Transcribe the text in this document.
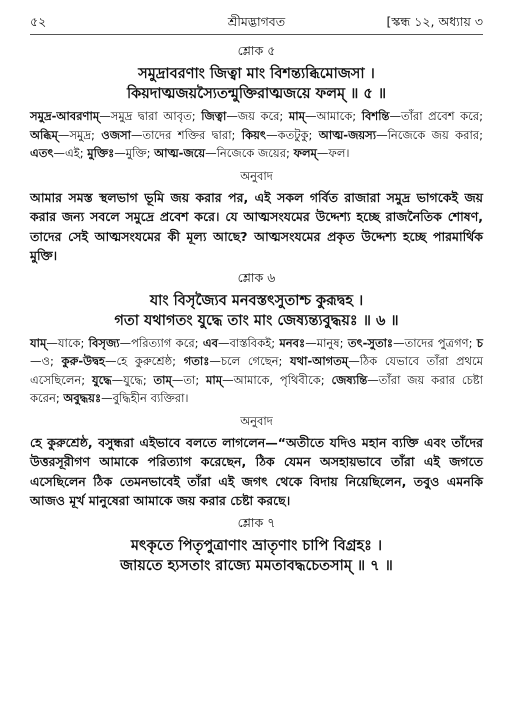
৫২	শ্রীমদ্ভাগবত	[স্কন্ধ ১২, অধ্যায় ৩
শ্লোক ৫
সমুদ্রাবরণাং জিত্বা মাং বিশন্ত্যব্ধিমোজসা ।
কিয়দাত্মজয়স্যৈতন্মুক্তিরাত্মজয়ে ফলম্‌ ॥ ৫ ॥
সমুদ্র-আবরণাম্‌—সমুদ্র দ্বারা আবৃত; জিত্বা—জয় করে; মাম্‌—আমাকে; বিশন্তি—তাঁরা প্রবেশ করে; অব্ধিম্‌—সমুদ্র; ওজসা—তাদের শক্তির দ্বারা; কিয়ৎ—কতটুকু; আত্ম-জয়স্য—নিজেকে জয় করার; এতৎ—এই; মুক্তিঃ—মুক্তি; আত্ম-জয়ে—নিজেকে জয়ের; ফলম্‌—ফল।
অনুবাদ
আমার সমস্ত স্থলভাগ ভূমি জয় করার পর, এই সকল গর্বিত রাজারা সমুদ্র ভাগকেই জয় করার জন্য সবলে সমুদ্রে প্রবেশ করে। যে আত্মসংযমের উদ্দেশ্য হচ্ছে রাজনৈতিক শোষণ, তাদের সেই আত্মসংযমের কী মূল্য আছে? আত্মসংযমের প্রকৃত উদ্দেশ্য হচ্ছে পারমার্থিক মুক্তি।
শ্লোক ৬
যাং বিসৃজ্যৈব মনবস্তৎসুতাশ্চ কুরূদ্বহ ।
গতা যথাগতং যুদ্ধে তাং মাং জেষ্যন্ত্যবুদ্ধয়ঃ ॥ ৬ ॥
যাম্‌—যাকে; বিসৃজ্য—পরিত্যাগ করে; এব—বাস্তবিকই; মনবঃ—মানুষ; তৎ-সুতাঃ—তাদের পুত্রগণ; চ—ও; কুরু-উদ্বহ—হে কুরুশ্রেষ্ঠ; গতাঃ—চলে গেছেন; যথা-আগতম্‌—ঠিক যেভাবে তাঁরা প্রথমে এসেছিলেন; যুদ্ধে—যুদ্ধে; তাম্‌—তা; মাম্‌—আমাকে, পৃথিবীকে; জেষ্যন্তি—তাঁরা জয় করার চেষ্টা করেন; অবুদ্ধয়ঃ—বুদ্ধিহীন ব্যক্তিরা।
অনুবাদ
হে কুরুশ্রেষ্ঠ, বসুন্ধরা এইভাবে বলতে লাগলেন—“অতীতে যদিও মহান ব্যক্তি এবং তাঁদের উত্তরসূরীগণ আমাকে পরিত্যাগ করেছেন, ঠিক যেমন অসহায়ভাবে তাঁরা এই জগতে এসেছিলেন ঠিক তেমনভাবেই তাঁরা এই জগৎ থেকে বিদায় নিয়েছিলেন, তবুও এমনকি আজও মূর্খ মানুষেরা আমাকে জয় করার চেষ্টা করছে।
শ্লোক ৭
মৎকৃতে পিতৃপুত্রাণাং ভ্রাতৃণাং চাপি বিগ্রহঃ ।
জায়তে হ্যসতাং রাজ্যে মমতাবদ্ধচেতসাম্‌ ॥ ৭ ॥
